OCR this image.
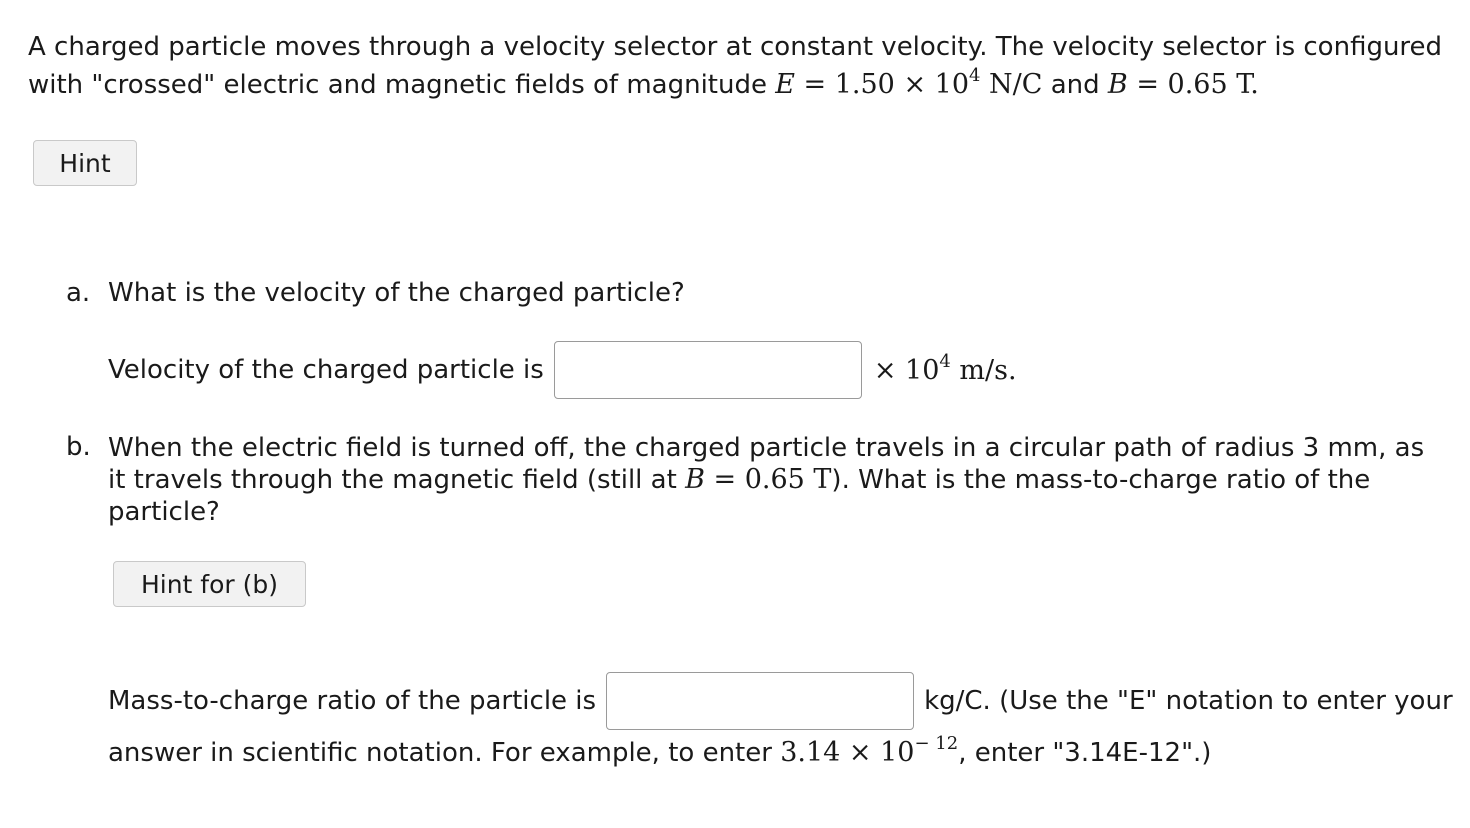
A charged particle moves through a velocity selector at constant velocity. The velocity selector is configured with "crossed" electric and magnetic fields of magnitude $E = 1.50 \times 10^4$ N/C and B = 0.65 T.
Hint
a. What is the velocity of the charged particle?
Velocity of the charged particle is	× $10^4$ m/s.
b. When the electric field is turned off, the charged particle travels in a circular path of radius 3 mm, as it travels through the magnetic field (still at B = 0.65 T). What is the mass-to-charge ratio of the particle?
Hint for (b)
Mass-to-charge ratio of the particle is	kg/C. (Use the "E" notation to enter your
answer in scientific notation. For example, to enter $3.14 \times 10^{- 12}$, enter "3.14E-12".)
